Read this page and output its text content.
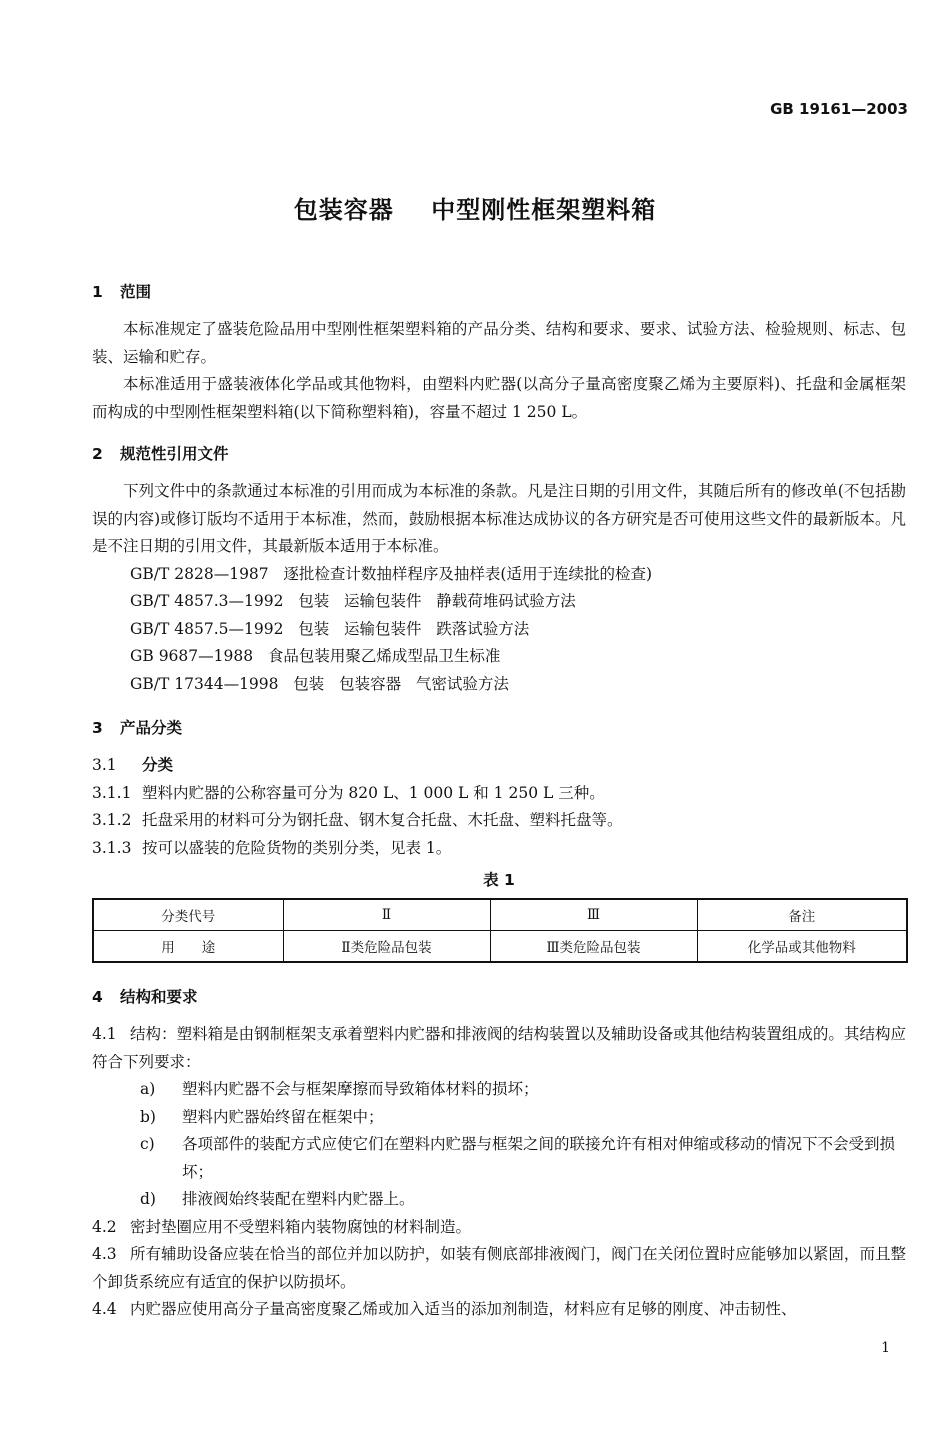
GB 19161—2003
包装容器    中型刚性框架塑料箱
1 范围

本标准规定了盛装危险品用中型刚性框架塑料箱的产品分类、结构和要求、要求、试验方法、检验规则、标志、包装、运输和贮存。

本标准适用于盛装液体化学品或其他物料，由塑料内贮器(以高分子量高密度聚乙烯为主要原料)、托盘和金属框架而构成的中型刚性框架塑料箱(以下简称塑料箱)，容量不超过 1 250 L。

2 规范性引用文件

下列文件中的条款通过本标准的引用而成为本标准的条款。凡是注日期的引用文件，其随后所有的修改单(不包括勘误的内容)或修订版均不适用于本标准，然而，鼓励根据本标准达成协议的各方研究是否可使用这些文件的最新版本。凡是不注日期的引用文件，其最新版本适用于本标准。

GB/T 2828—1987   逐批检查计数抽样程序及抽样表(适用于连续批的检查)
GB/T 4857.3—1992   包装   运输包装件   静载荷堆码试验方法
GB/T 4857.5—1992   包装   运输包装件   跌落试验方法
GB 9687—1988   食品包装用聚乙烯成型品卫生标准
GB/T 17344—1998   包装   包装容器   气密试验方法
3 产品分类
3.1 分类
3.1.1 塑料内贮器的公称容量可分为 820 L、1 000 L 和 1 250 L 三种。
3.1.2 托盘采用的材料可分为钢托盘、钢木复合托盘、木托盘、塑料托盘等。
3.1.3 按可以盛装的危险货物的类别分类，见表 1。
表 1
分类代号	Ⅱ	Ⅲ	备注
用　　途	Ⅱ类危险品包装	Ⅲ类危险品包装	化学品或其他物料
4 结构和要求
4.1 结构：塑料箱是由钢制框架支承着塑料内贮器和排液阀的结构装置以及辅助设备或其他结构装置组成的。其结构应符合下列要求：
a) 塑料内贮器不会与框架摩擦而导致箱体材料的损坏；
b) 塑料内贮器始终留在框架中；
c) 各项部件的装配方式应使它们在塑料内贮器与框架之间的联接允许有相对伸缩或移动的情况下不会受到损坏；
d) 排液阀始终装配在塑料内贮器上。
4.2 密封垫圈应用不受塑料箱内装物腐蚀的材料制造。
4.3 所有辅助设备应装在恰当的部位并加以防护，如装有侧底部排液阀门，阀门在关闭位置时应能够加以紧固，而且整个卸货系统应有适宜的保护以防损坏。
4.4 内贮器应使用高分子量高密度聚乙烯或加入适当的添加剂制造，材料应有足够的刚度、冲击韧性、
1
